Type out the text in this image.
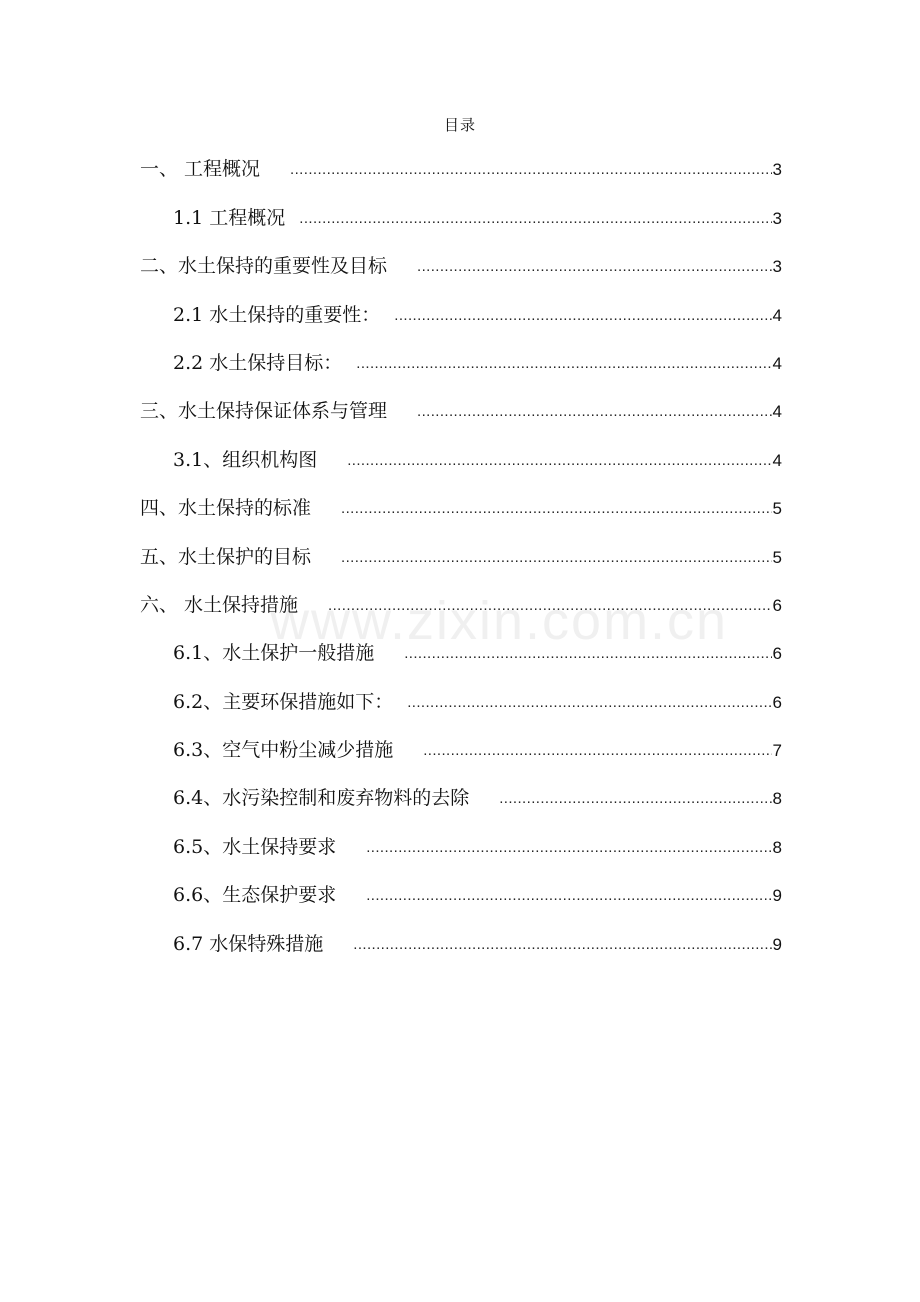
目录
一、 工程概况 .....	3
1.1 工程概况 .....	3
二、水土保持的重要性及目标 .....	3
2.1 水土保持的重要性： .....	4
2.2 水土保持目标： .....	4
三、水土保持保证体系与管理 .....	4
3.1、组织机构图 .....	4
四、水土保持的标准 .....	5
五、水土保护的目标 .....	5
六、 水土保持措施 .....	6
6.1、水土保护一般措施 .....	6
6.2、主要环保措施如下： .....	6
6.3、空气中粉尘减少措施 .....	7
6.4、水污染控制和废弃物料的去除 .....	8
6.5、水土保持要求 .....	8
6.6、生态保护要求 .....	9
6.7 水保特殊措施 .....	9
www.zixin.com.cn
